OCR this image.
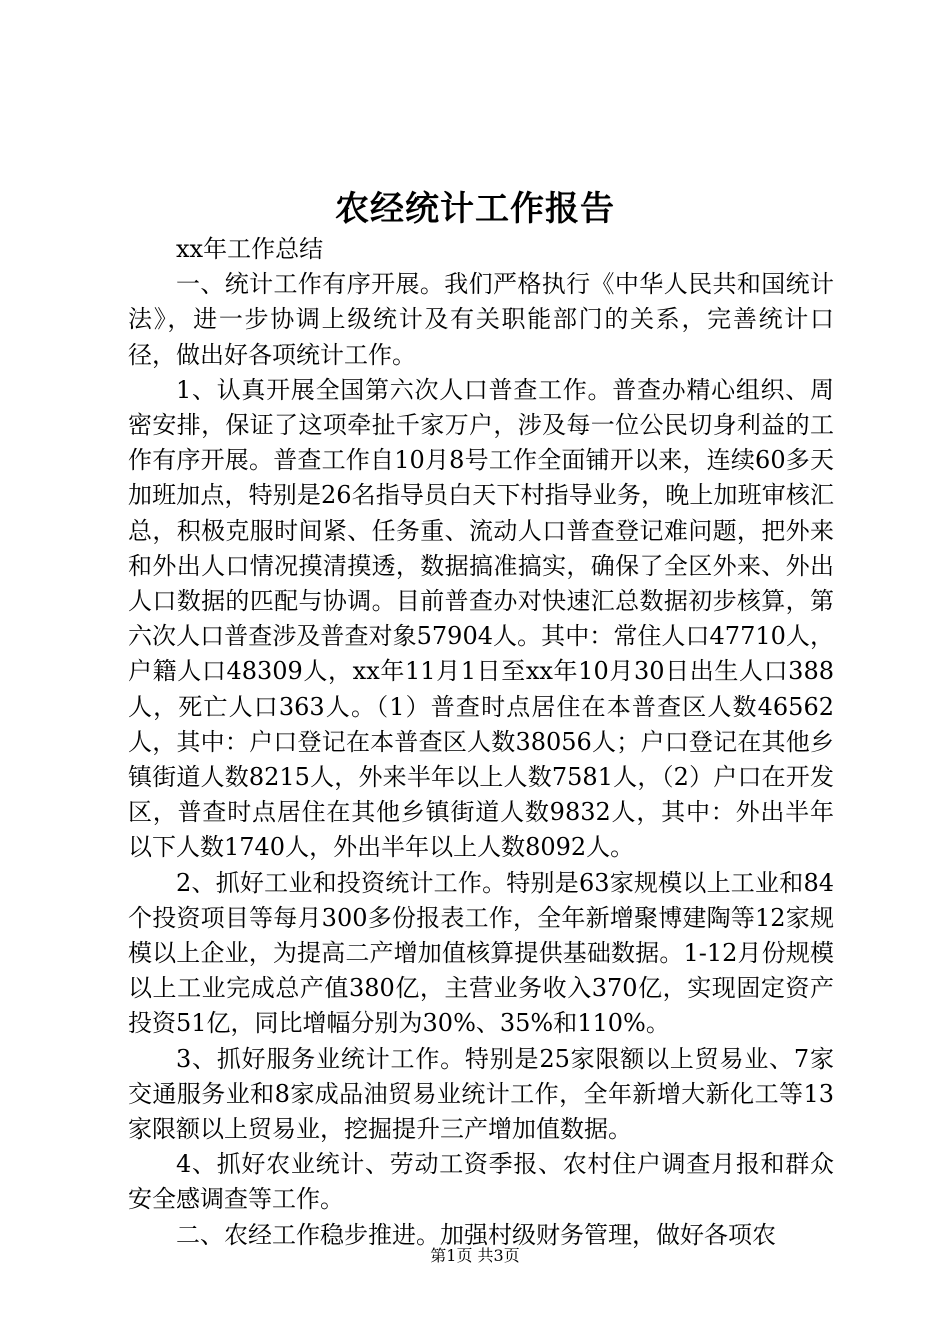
农经统计工作报告

xx年工作总结

一、统计工作有序开展。我们严格执行《中华人民共和国统计法》，进一步协调上级统计及有关职能部门的关系，完善统计口径，做出好各项统计工作。

1、认真开展全国第六次人口普查工作。普查办精心组织、周密安排，保证了这项牵扯千家万户，涉及每一位公民切身利益的工作有序开展。普查工作自10月8号工作全面铺开以来，连续60多天加班加点，特别是26名指导员白天下村指导业务，晚上加班审核汇总，积极克服时间紧、任务重、流动人口普查登记难问题，把外来和外出人口情况摸清摸透，数据搞准搞实，确保了全区外来、外出人口数据的匹配与协调。目前普查办对快速汇总数据初步核算，第六次人口普查涉及普查对象57904人。其中：常住人口47710人，户籍人口48309人，xx年11月1日至xx年10月30日出生人口388人，死亡人口363人。（1）普查时点居住在本普查区人数46562人，其中：户口登记在本普查区人数38056人；户口登记在其他乡镇街道人数8215人，外来半年以上人数7581人，（2）户口在开发区，普查时点居住在其他乡镇街道人数9832人，其中：外出半年以下人数1740人，外出半年以上人数8092人。

2、抓好工业和投资统计工作。特别是63家规模以上工业和84个投资项目等每月300多份报表工作，全年新增聚博建陶等12家规模以上企业，为提高二产增加值核算提供基础数据。1-12月份规模以上工业完成总产值380亿，主营业务收入370亿，实现固定资产投资51亿，同比增幅分别为30%、35%和110%。

3、抓好服务业统计工作。特别是25家限额以上贸易业、7家交通服务业和8家成品油贸易业统计工作，全年新增大新化工等13家限额以上贸易业，挖掘提升三产增加值数据。

4、抓好农业统计、劳动工资季报、农村住户调查月报和群众安全感调查等工作。

二、农经工作稳步推进。加强村级财务管理，做好各项农

第1页 共3页
